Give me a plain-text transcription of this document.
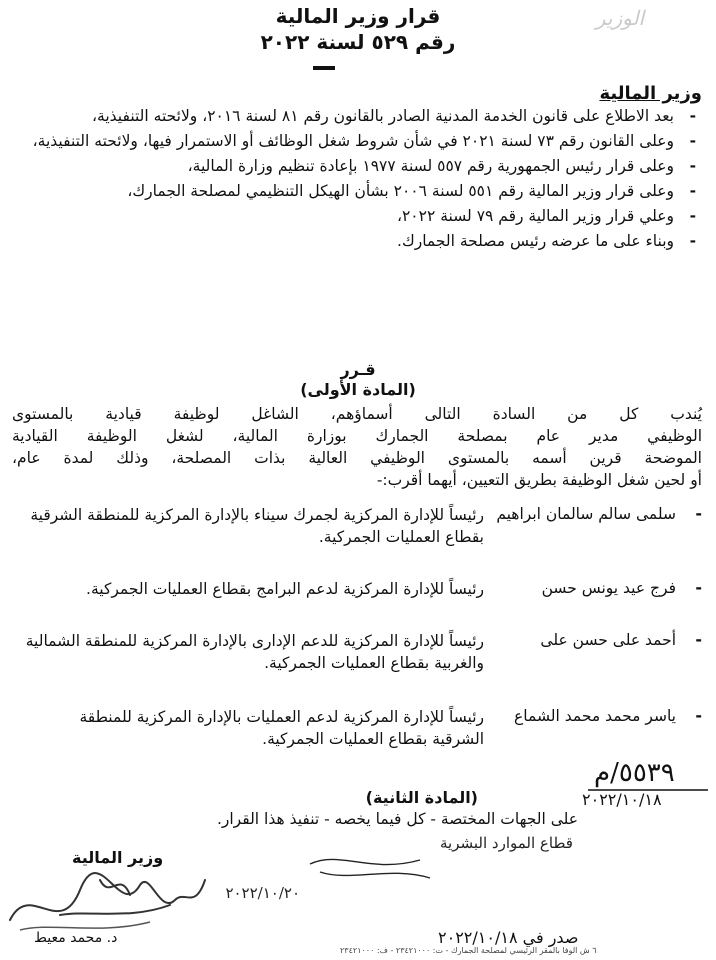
الوزير
قرار وزير المالية
رقم ٥٢٩ لسنة ٢٠٢٢
وزير المالية
- بعد الاطلاع على قانون الخدمة المدنية الصادر بالقانون رقم ٨١ لسنة ٢٠١٦، ولائحته التنفيذية،
- وعلى القانون رقم ٧٣ لسنة ٢٠٢١ في شأن شروط شغل الوظائف أو الاستمرار فيها، ولائحته التنفيذية،
- وعلى قرار رئيس الجمهورية رقم ٥٥٧ لسنة ١٩٧٧ بإعادة تنظيم وزارة المالية،
- وعلى قرار وزير المالية رقم ٥٥١ لسنة ٢٠٠٦ بشأن الهيكل التنظيمي لمصلحة الجمارك،
- وعلي قرار وزير المالية رقم ٧٩ لسنة ٢٠٢٢،
- وبناء على ما عرضه رئيس مصلحة الجمارك.
قـرر
(المادة الأولى)
يُندب كل من السادة التالى أسماؤهم، الشاغل لوظيفة قيادية بالمستوى
الوظيفي مدير عام بمصلحة الجمارك بوزارة المالية، لشغل الوظيفة القيادية
الموضحة قرين أسمه بالمستوى الوظيفي العالية بذات المصلحة، وذلك لمدة عام،
أو لحين شغل الوظيفة بطريق التعيين، أيهما أقرب:-
-
سلمى سالم سالمان ابراهيم
رئيساً للإدارة المركزية لجمرك سيناء بالإدارة المركزية للمنطقة الشرقية بقطاع العمليات الجمركية.
-
فرج عيد يونس حسن
رئيساً للإدارة المركزية لدعم البرامج بقطاع العمليات الجمركية.
-
أحمد على حسن على
رئيساً للإدارة المركزية للدعم الإدارى بالإدارة المركزية للمنطقة الشمالية والغربية بقطاع العمليات الجمركية.
-
ياسر محمد محمد الشماع
رئيساً للإدارة المركزية لدعم العمليات بالإدارة المركزية للمنطقة الشرقية بقطاع العمليات الجمركية.
٥٥٣٩/م
٢٠٢٢/١٠/١٨
(المادة الثانية)
على الجهات المختصة - كل فيما يخصه - تنفيذ هذا القرار.
قطاع الموارد البشرية
٢٠٢٢/١٠/٢٠
وزير المالية
د. محمد معيط	صدر في ٢٠٢٢/١٠/١٨
٦ ش الوفا بالمقر الرئيسي لمصلحة الجمارك - ت: ٢٣٤٢١٠٠٠ - ف: ٢٣٤٢١٠٠٠
